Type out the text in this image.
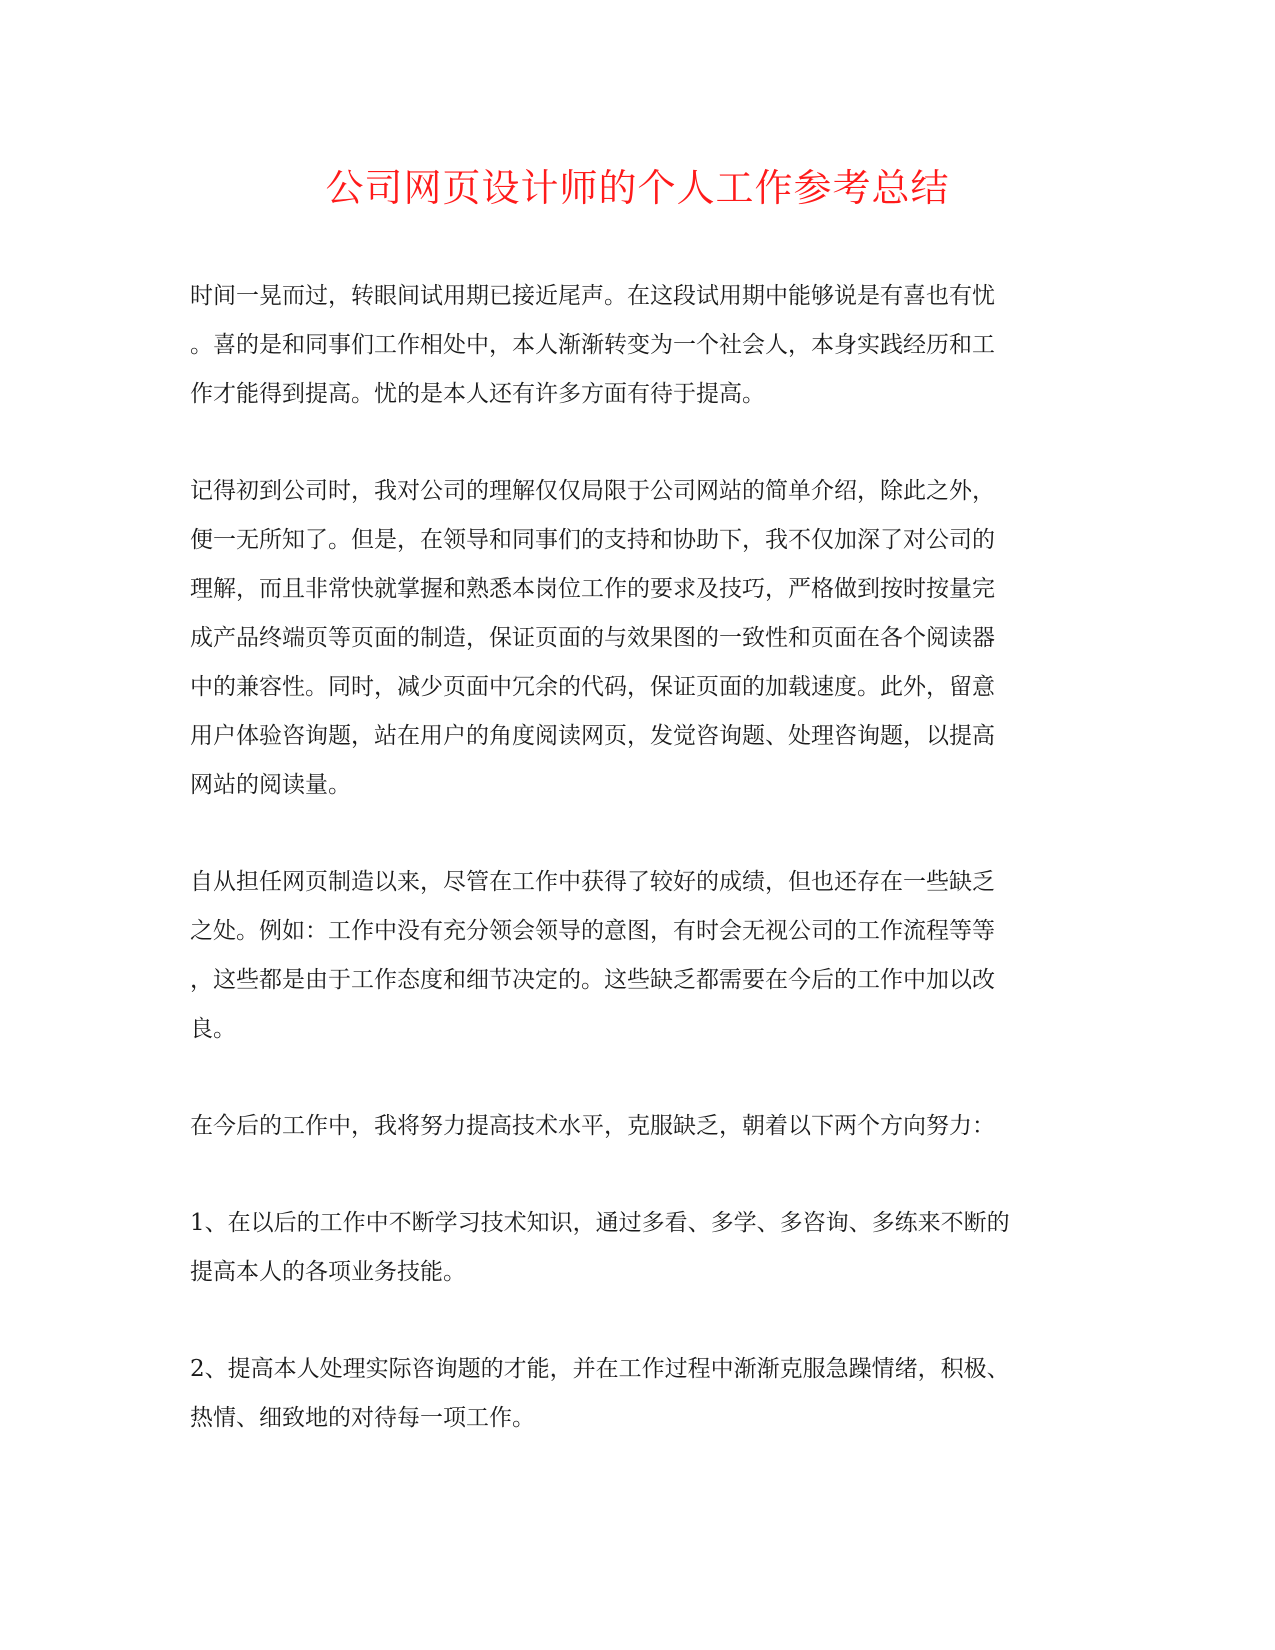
公司网页设计师的个人工作参考总结
时间一晃而过，转眼间试用期已接近尾声。在这段试用期中能够说是有喜也有忧
。喜的是和同事们工作相处中，本人渐渐转变为一个社会人，本身实践经历和工
作才能得到提高。忧的是本人还有许多方面有待于提高。
记得初到公司时，我对公司的理解仅仅局限于公司网站的简单介绍，除此之外，
便一无所知了。但是，在领导和同事们的支持和协助下，我不仅加深了对公司的
理解，而且非常快就掌握和熟悉本岗位工作的要求及技巧，严格做到按时按量完
成产品终端页等页面的制造，保证页面的与效果图的一致性和页面在各个阅读器
中的兼容性。同时，减少页面中冗余的代码，保证页面的加载速度。此外，留意
用户体验咨询题，站在用户的角度阅读网页，发觉咨询题、处理咨询题，以提高
网站的阅读量。
自从担任网页制造以来，尽管在工作中获得了较好的成绩，但也还存在一些缺乏
之处。例如：工作中没有充分领会领导的意图，有时会无视公司的工作流程等等
，这些都是由于工作态度和细节决定的。这些缺乏都需要在今后的工作中加以改
良。
在今后的工作中，我将努力提高技术水平，克服缺乏，朝着以下两个方向努力：
1、在以后的工作中不断学习技术知识，通过多看、多学、多咨询、多练来不断的
提高本人的各项业务技能。
2、提高本人处理实际咨询题的才能，并在工作过程中渐渐克服急躁情绪，积极、
热情、细致地的对待每一项工作。
